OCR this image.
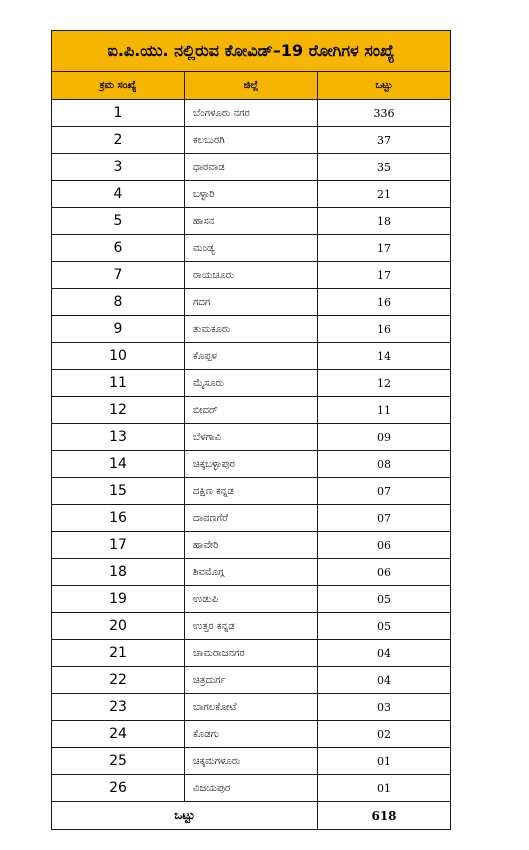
ಐ.ಪಿ.ಯು. ನಲ್ಲಿರುವ ಕೋವಿಡ್–19 ರೋಗಿಗಳ ಸಂಖ್ಯೆ		
ಕ್ರಮ ಸಂಖ್ಯೆ	ಜಿಲ್ಲೆ	ಒಟ್ಟು
1	ಬೆಂಗಳೂರು ನಗರ	336
2	ಕಲಬುರಗಿ	37
3	ಧಾರವಾಡ	35
4	ಬಳ್ಳಾರಿ	21
5	ಹಾಸನ	18
6	ಮಂಡ್ಯ	17
7	ರಾಯಚೂರು	17
8	ಗದಗ	16
9	ತುಮಕೂರು	16
10	ಕೊಪ್ಪಳ	14
11	ಮೈಸೂರು	12
12	ಬೀದರ್	11
13	ಬೆಳಗಾವಿ	09
14	ಚಿಕ್ಕಬಳ್ಳಾಪುರ	08
15	ದಕ್ಷಿಣ ಕನ್ನಡ	07
16	ದಾವಣಗೆರೆ	07
17	ಹಾವೇರಿ	06
18	ಶಿವಮೊಗ್ಗ	06
19	ಉಡುಪಿ	05
20	ಉತ್ತರ ಕನ್ನಡ	05
21	ಚಾಮರಾಜನಗರ	04
22	ಚಿತ್ರದುರ್ಗ	04
23	ಬಾಗಲಕೋಟೆ	03
24	ಕೊಡಗು	02
25	ಚಿಕ್ಕಮಗಳೂರು	01
26	ವಿಜಯಪುರ	01
ಒಟ್ಟು		618
